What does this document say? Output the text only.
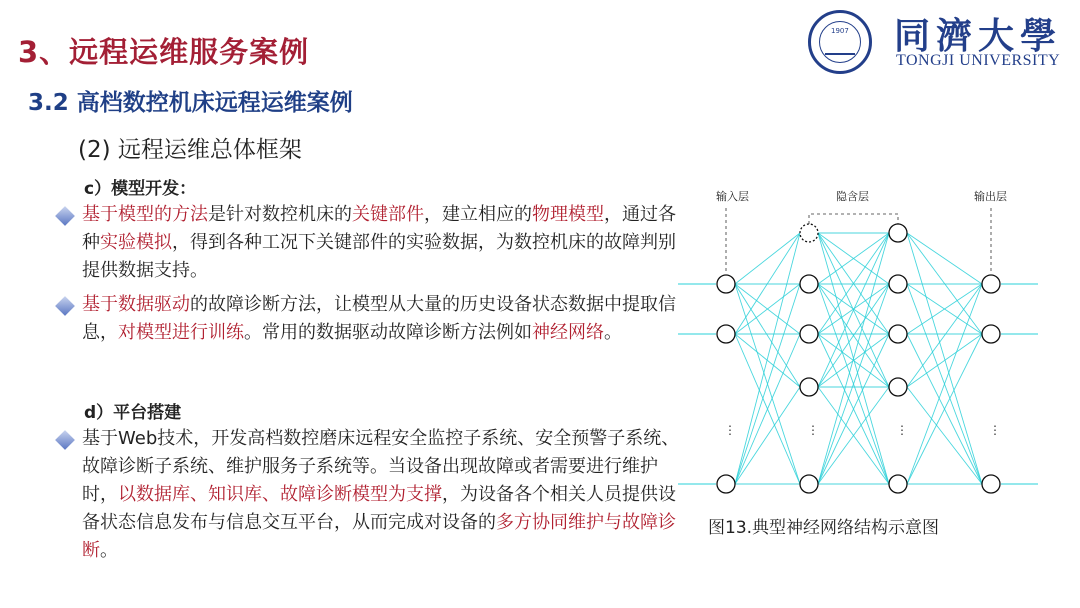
3、远程运维服务案例
3.2 高档数控机床远程运维案例
(2) 远程运维总体框架
1907 同濟大學
TONGJI UNIVERSITY
c）模型开发：
基于模型的方法是针对数控机床的关键部件，建立相应的物理模型，通过各种实验模拟，得到各种工况下关键部件的实验数据，为数控机床的故障判别提供数据支持。
基于数据驱动的故障诊断方法，让模型从大量的历史设备状态数据中提取信息，对模型进行训练。常用的数据驱动故障诊断方法例如神经网络。
d）平台搭建
基于Web技术，开发高档数控磨床远程安全监控子系统、安全预警子系统、故障诊断子系统、维护服务子系统等。当设备出现故障或者需要进行维护时，以数据库、知识库、故障诊断模型为支撑，为设备各个相关人员提供设备状态信息发布与信息交互平台，从而完成对设备的多方协同维护与故障诊断。
⋮	⋮	⋮	⋮
输入层	隐含层	输出层
图13.典型神经网络结构示意图
